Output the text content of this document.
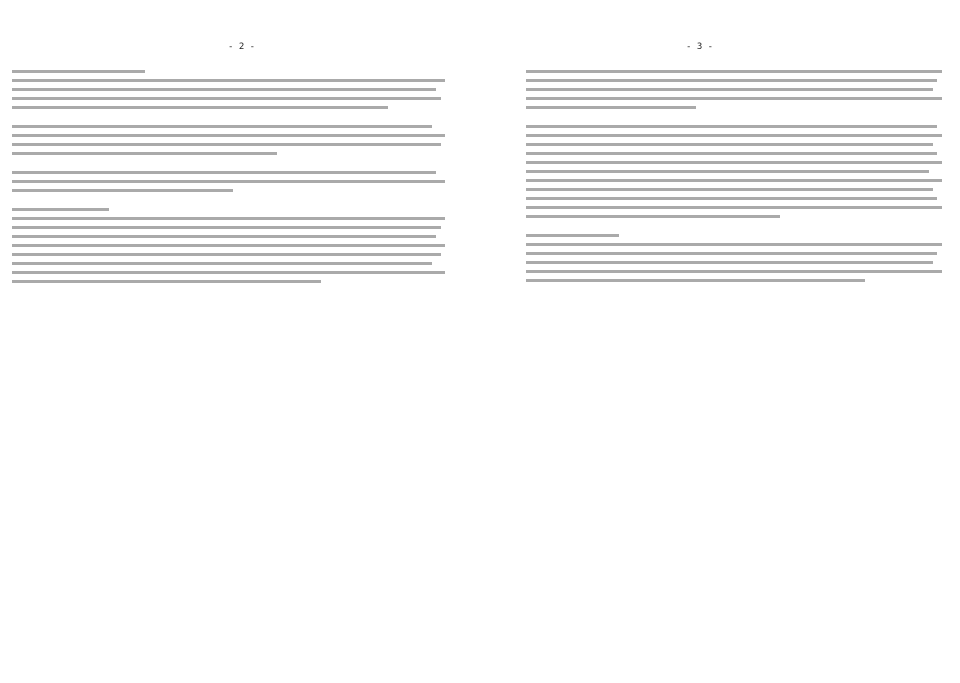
- 2 -	- 3 -
